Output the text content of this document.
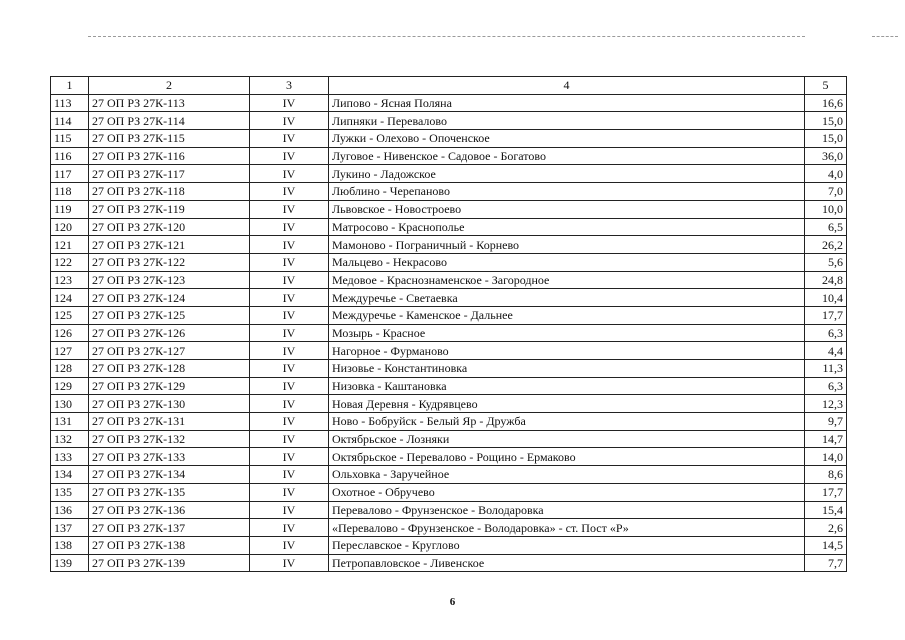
1	2	3	4	5
113	27 ОП РЗ 27К-113	IV	Липово - Ясная Поляна	16,6
114	27 ОП РЗ 27К-114	IV	Липняки - Перевалово	15,0
115	27 ОП РЗ 27К-115	IV	Лужки - Олехово - Опоченское	15,0
116	27 ОП РЗ 27К-116	IV	Луговое - Нивенское - Садовое - Богатово	36,0
117	27 ОП РЗ 27К-117	IV	Лукино - Ладожское	4,0
118	27 ОП РЗ 27К-118	IV	Люблино - Черепаново	7,0
119	27 ОП РЗ 27К-119	IV	Львовское - Новостроево	10,0
120	27 ОП РЗ 27К-120	IV	Матросово - Краснополье	6,5
121	27 ОП РЗ 27К-121	IV	Мамоново - Пограничный - Корнево	26,2
122	27 ОП РЗ 27К-122	IV	Мальцево - Некрасово	5,6
123	27 ОП РЗ 27К-123	IV	Медовое - Краснознаменское - Загородное	24,8
124	27 ОП РЗ 27К-124	IV	Междуречье - Светаевка	10,4
125	27 ОП РЗ 27К-125	IV	Междуречье - Каменское - Дальнее	17,7
126	27 ОП РЗ 27К-126	IV	Мозырь - Красное	6,3
127	27 ОП РЗ 27К-127	IV	Нагорное - Фурманово	4,4
128	27 ОП РЗ 27К-128	IV	Низовье - Константиновка	11,3
129	27 ОП РЗ 27К-129	IV	Низовка - Каштановка	6,3
130	27 ОП РЗ 27К-130	IV	Новая Деревня - Кудрявцево	12,3
131	27 ОП РЗ 27К-131	IV	Ново - Бобруйск - Белый Яр - Дружба	9,7
132	27 ОП РЗ 27К-132	IV	Октябрьское - Лозняки	14,7
133	27 ОП РЗ 27К-133	IV	Октябрьское - Перевалово - Рощино - Ермаково	14,0
134	27 ОП РЗ 27К-134	IV	Ольховка - Заручейное	8,6
135	27 ОП РЗ 27К-135	IV	Охотное - Обручево	17,7
136	27 ОП РЗ 27К-136	IV	Перевалово - Фрунзенское - Володаровка	15,4
137	27 ОП РЗ 27К-137	IV	«Перевалово - Фрунзенское - Володаровка» - ст. Пост «Р»	2,6
138	27 ОП РЗ 27К-138	IV	Переславское - Круглово	14,5
139	27 ОП РЗ 27К-139	IV	Петропавловское - Ливенское	7,7
6
